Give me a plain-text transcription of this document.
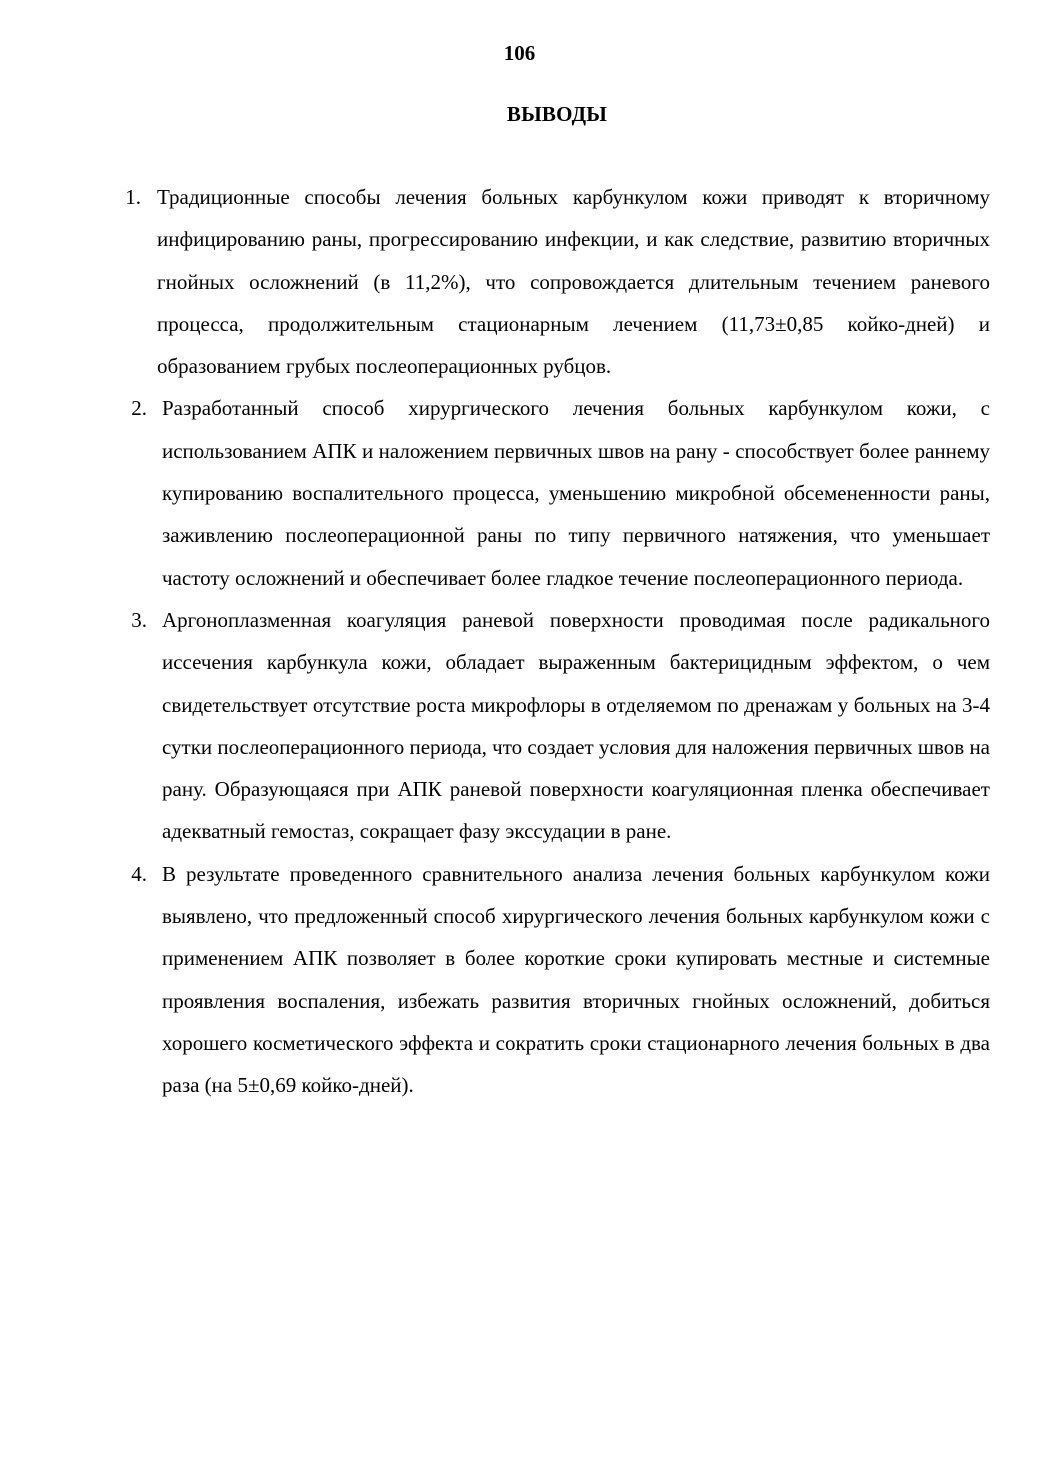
106
ВЫВОДЫ
1. Традиционные способы лечения больных карбункулом кожи приводят к вторичному инфицированию раны, прогрессированию инфекции, и как следствие, развитию вторичных гнойных осложнений (в 11,2%), что сопровождается длительным течением раневого процесса, продолжительным стационарным лечением (11,73±0,85 койко-дней) и образованием грубых послеоперационных рубцов.
2. Разработанный способ хирургического лечения больных карбункулом кожи, с использованием АПК и наложением первичных швов на рану - способствует более раннему купированию воспалительного процесса, уменьшению микробной обсемененности раны, заживлению послеоперационной раны по типу первичного натяжения, что уменьшает частоту осложнений и обеспечивает более гладкое течение послеоперационного периода.
3. Аргоноплазменная коагуляция раневой поверхности проводимая после радикального иссечения карбункула кожи, обладает выраженным бактерицидным эффектом, о чем свидетельствует отсутствие роста микрофлоры в отделяемом по дренажам у больных на 3-4 сутки послеоперационного периода, что создает условия для наложения первичных швов на рану. Образующаяся при АПК раневой поверхности коагуляционная пленка обеспечивает адекватный гемостаз, сокращает фазу экссудации в ране.
4. В результате проведенного сравнительного анализа лечения больных карбункулом кожи выявлено, что предложенный способ хирургического лечения больных карбункулом кожи с применением АПК позволяет в более короткие сроки купировать местные и системные проявления воспаления, избежать развития вторичных гнойных осложнений, добиться хорошего косметического эффекта и сократить сроки стационарного лечения больных в два раза (на 5±0,69 койко-дней).
